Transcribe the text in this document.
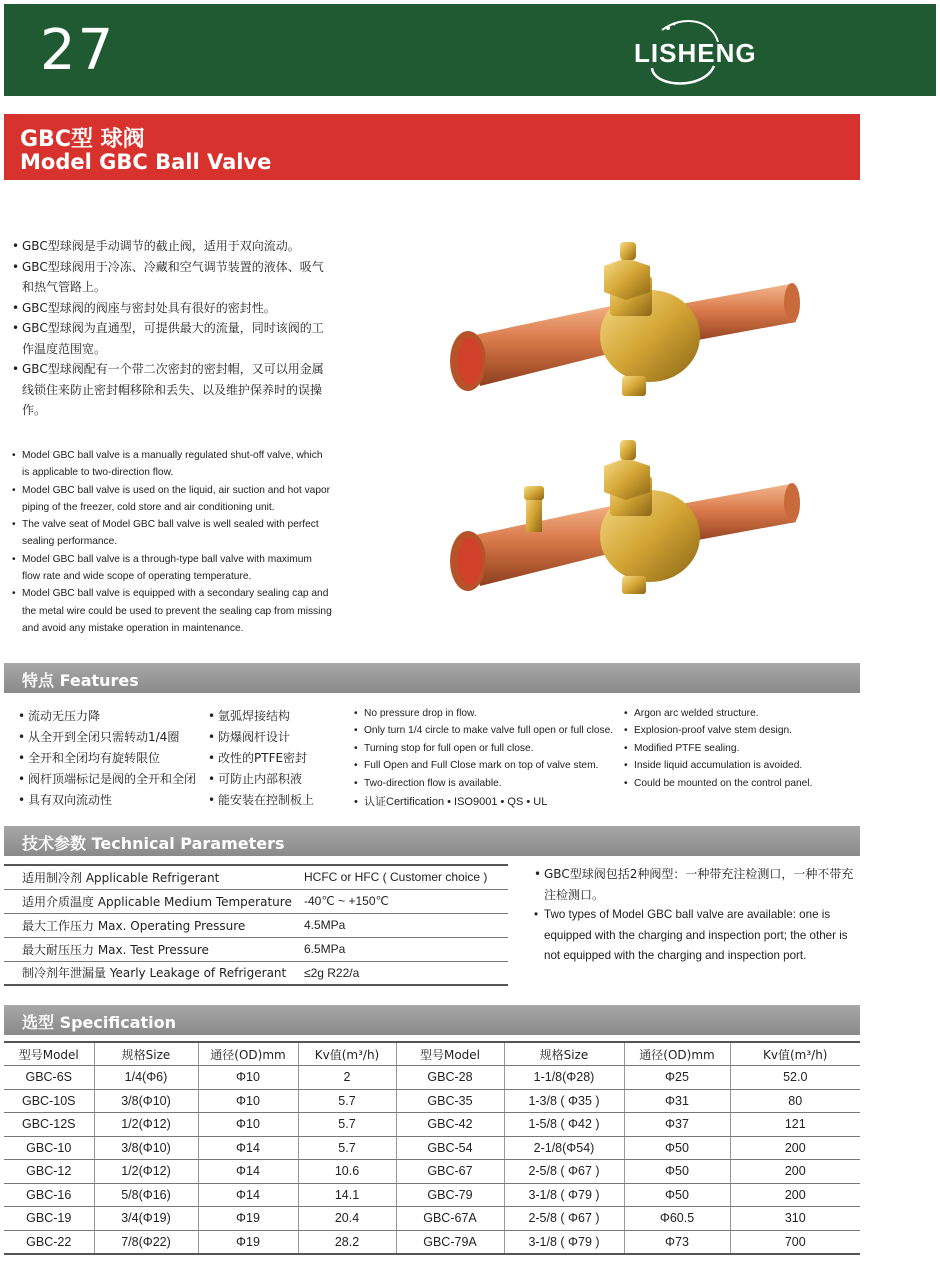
27	LISHENG
GBC型 球阀
Model GBC Ball Valve
• GBC型球阀是手动调节的截止阀，适用于双向流动。
• GBC型球阀用于冷冻、冷藏和空气调节装置的液体、吸气和热气管路上。
• GBC型球阀的阀座与密封处具有很好的密封性。
• GBC型球阀为直通型，可提供最大的流量，同时该阀的工作温度范围宽。
• GBC型球阀配有一个带二次密封的密封帽，又可以用金属线锁住来防止密封帽移除和丢失、以及维护保养时的误操作。
• Model GBC ball valve is a manually regulated shut-off valve, which is applicable to two-direction flow.
• Model GBC ball valve is used on the liquid, air suction and hot vapor piping of the freezer, cold store and air conditioning unit.
• The valve seat of Model GBC ball valve is well sealed with perfect sealing performance.
• Model GBC ball valve is a through-type ball valve with maximum flow rate and wide scope of operating temperature.
• Model GBC ball valve is equipped with a secondary sealing cap and the metal wire could be used to prevent the sealing cap from missing and avoid any mistake operation in maintenance.
特点 Features
• 流动无压力降
• 从全开到全闭只需转动1/4圈
• 全开和全闭均有旋转限位
• 阀杆顶端标记是阀的全开和全闭
• 具有双向流动性
• 氩弧焊接结构
• 防爆阀杆设计
• 改性的PTFE密封
• 可防止内部积液
• 能安装在控制板上
• No pressure drop in flow.
• Only turn 1/4 circle to make valve full open or full close.
• Turning stop for full open or full close.
• Full Open and Full Close mark on top of valve stem.
• Two-direction flow is available.
• 认证Certification • ISO9001 • QS • UL
• Argon arc welded structure.
• Explosion-proof valve stem design.
• Modified PTFE sealing.
• Inside liquid accumulation is avoided.
• Could be mounted on the control panel.
技术参数 Technical Parameters
适用制冷剂 Applicable Refrigerant	HCFC or HFC ( Customer choice )
适用介质温度 Applicable Medium Temperature	-40℃ ~ +150℃
最大工作压力 Max. Operating Pressure	4.5MPa
最大耐压压力 Max. Test Pressure	6.5MPa
制冷剂年泄漏量 Yearly Leakage of Refrigerant	≤2g R22/a
• GBC型球阀包括2种阀型：一种带充注检测口，一种不带充注检测口。
• Two types of Model GBC ball valve are available: one is equipped with the charging and inspection port; the other is not equipped with the charging and inspection port.
选型 Specification
型号Model	规格Size	通径(OD)mm	Kv值(m³/h)	型号Model	规格Size	通径(OD)mm	Kv值(m³/h)
GBC-6S	1/4(Φ6)	Φ10	2	GBC-28	1-1/8(Φ28)	Φ25	52.0
GBC-10S	3/8(Φ10)	Φ10	5.7	GBC-35	1-3/8 ( Φ35 )	Φ31	80
GBC-12S	1/2(Φ12)	Φ10	5.7	GBC-42	1-5/8 ( Φ42 )	Φ37	121
GBC-10	3/8(Φ10)	Φ14	5.7	GBC-54	2-1/8(Φ54)	Φ50	200
GBC-12	1/2(Φ12)	Φ14	10.6	GBC-67	2-5/8 ( Φ67 )	Φ50	200
GBC-16	5/8(Φ16)	Φ14	14.1	GBC-79	3-1/8 ( Φ79 )	Φ50	200
GBC-19	3/4(Φ19)	Φ19	20.4	GBC-67A	2-5/8 ( Φ67 )	Φ60.5	310
GBC-22	7/8(Φ22)	Φ19	28.2	GBC-79A	3-1/8 ( Φ79 )	Φ73	700
